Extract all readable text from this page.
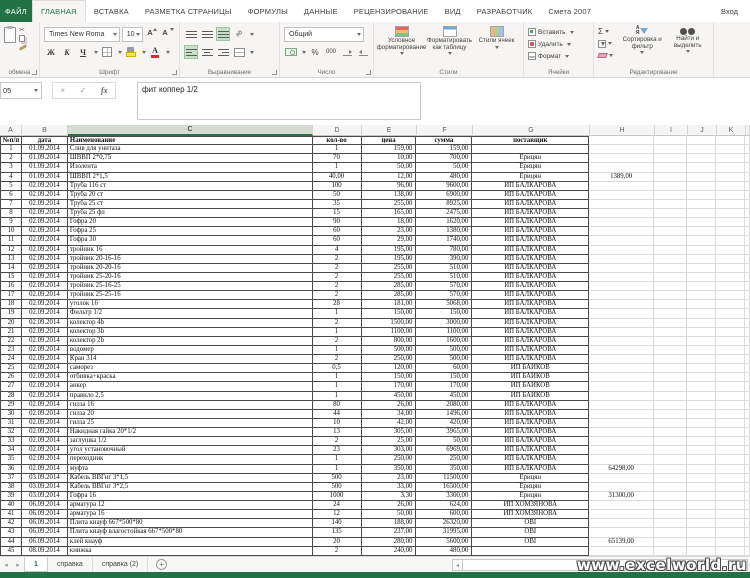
ФАЙЛ	ГЛАВНАЯ	ВСТАВКА	РАЗМЕТКА СТРАНИЦЫ	ФОРМУЛЫ	ДАННЫЕ	РЕЦЕНЗИРОВАНИЕ	ВИД	РАЗРАБОТЧИК	Смета 2007	Вход
✂
обмена
Times New Roma	10 А А
Ж	К	Ч	А
Шрифт
ab
Выравнивание
Общий
%	000
Число
Условное форматирование
Форматировать как таблицу
Стили ячеек
Стили
Вставить
Удалить
Формат
Ячейки
Σ	А
Я
Сортировка и фильтр
Найти и выделить
Редактирование
05	× ✓ fx	фит коппер 1/2
A	B	C	D	E	F	G	H	I	J	K
№п/п	дата	Наименование	кол-во	цена	сумма	поставщик
1	01.09.2014	Слив для унитаза	1	159,00	159,00
2	01.09.2014	ШВВП 2*0,75	70	10,00	700,00	Ерицян
3	01.09.2014	Изолента	1	50,00	50,00	Ерицян
4	01.09.2014	ШВВП 2*1,5	40,00	12,00	480,00	Ерицян	1389,00
5	02.09.2014	Труба 116 ст	100	96,00	9600,00	ИП БАЛКАРОВА
6	02.09.2014	Труба 20 ст	50	138,00	6900,00	ИП БАЛКАРОВА
7	02.09.2014	Труба 25 ст	35	255,00	8925,00	ИП БАЛКАРОВА
8	02.09.2014	Труба 25 фл	15	165,00	2475,00	ИП БАЛКАРОВА
9	02.09.2014	Гофра 20	90	18,00	1620,00	ИП БАЛКАРОВА
10	02.09.2014	Гофра 25	60	23,00	1380,00	ИП БАЛКАРОВА
11	02.09.2014	Гофра 30	60	29,00	1740,00	ИП БАЛКАРОВА
12	02.09.2014	тройник 16	4	195,00	780,00	ИП БАЛКАРОВА
13	02.09.2014	тройник 20-16-16	2	195,00	390,00	ИП БАЛКАРОВА
14	02.09.2014	тройник 20-20-16	2	255,00	510,00	ИП БАЛКАРОВА
15	02.09.2014	тройник 25-20-16	2	255,00	510,00	ИП БАЛКАРОВА
16	02.09.2014	тройник 25-16-25	2	285,00	570,00	ИП БАЛКАРОВА
17	02.09.2014	тройник 25-25-16	2	285,00	570,00	ИП БАЛКАРОВА
18	02.09.2014	уголок 16	28	181,00	5068,00	ИП БАЛКАРОВА
19	02.09.2014	Фильтр 1/2	1	150,00	150,00	ИП БАЛКАРОВА
20	02.09.2014	колектор 4b	2	1500,00	3000,00	ИП БАЛКАРОВА
21	02.09.2014	колектор 3b	1	1100,00	1100,00	ИП БАЛКАРОВА
22	02.09.2014	колектор 2b	2	800,00	1600,00	ИП БАЛКАРОВА
23	02.09.2014	водомер	1	500,00	500,00	ИП БАЛКАРОВА
24	02.09.2014	Кран 314	2	250,00	500,00	ИП БАЛКАРОВА
25	02.09.2014	саморез	0,5	120,00	60,00	ИП БАЙКОВ
26	02.09.2014	отбивка+краска	1	150,00	150,00	ИП БАЙКОВ
27	02.09.2014	анкер	1	170,00	170,00	ИП БАЙКОВ
28	02.09.2014	правило 2,5	1	450,00	450,00	ИП БАЙКОВ
29	02.09.2014	гилза 16	80	26,00	2080,00	ИП БАЛКАРОВА
30	02.09.2014	гилза 20	44	34,00	1496,00	ИП БАЛКАРОВА
31	02.09.2014	гилза 25	10	42,00	420,00	ИП БАЛКАРОВА
32	02.09.2014	Накидная гайка 20*1/2	13	305,00	3965,00	ИП БАЛКАРОВА
33	02.09.2014	заглушка 1/2	2	25,00	50,00	ИП БАЛКАРОВА
34	02.09.2014	угол установочный	23	303,00	6969,00	ИП БАЛКАРОВА
35	02.09.2014	переходник	1	250,00	250,00	ИП БАЛКАРОВА
36	02.09.2014	муфта	1	350,00	350,00	ИП БАЛКАРОВА	64298,00
37	03.09.2014	Кабель ВВГнг 3*1,5	500	23,00	11500,00	Ерицян
38	03.09.2014	Кабель ВВГнг 3*2,5	500	33,00	16500,00	Ерицян
39	03.09.2014	Гофра 16	1000	3,30	3300,00	Ерицян	31300,00
40	06.09.2014	арматура 12	24	26,00	624,00	ИП ХОМЗЯНОВА
41	06.09.2014	арматура 16	12	50,00	600,00	ИП ХОМЗЯНОВА
42	06.09.2014	Плита кнауф 667*500*80	140	188,00	26320,00	OBI
43	06.09.2014	Плита кнауф влагостойкая 667*500*80	135	237,00	31995,00	OBI
44	06.09.2014	клей кнауф	20	280,00	5600,00	OBI	65139,00
45	08.09.2014	книжка	2	240,00	480,00
◂	▸	1	справка	справка (2)	+	◂	www.excelworld.ru
